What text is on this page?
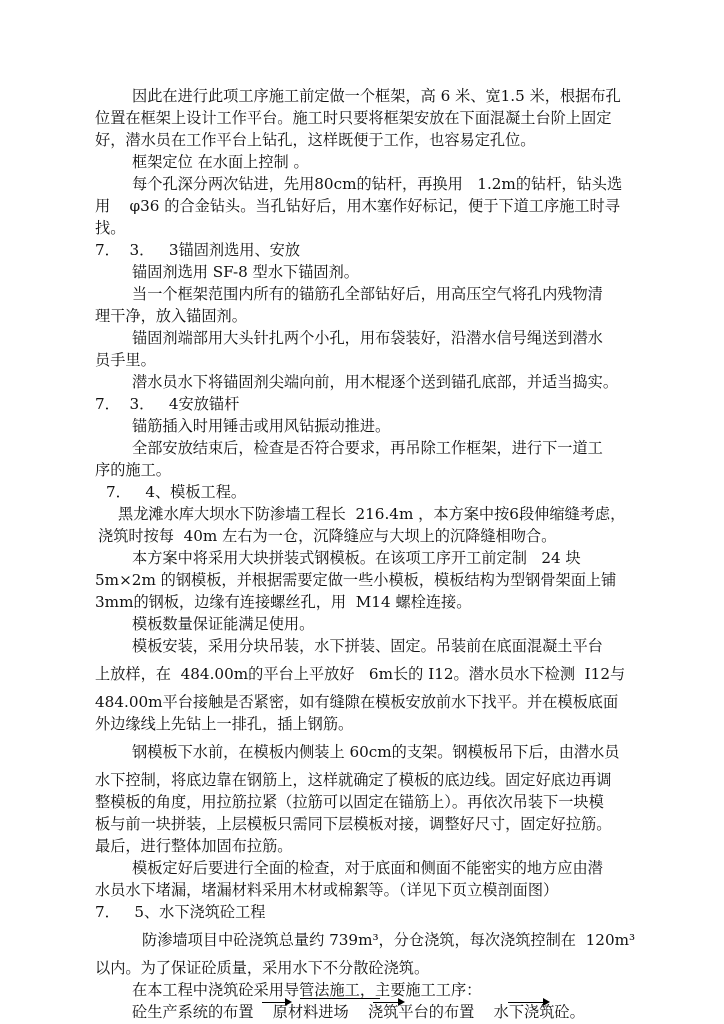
因此在进行此项工序施工前定做一个框架，高 6 米、宽1.5 米，根据布孔
位置在框架上设计工作平台。施工时只要将框架安放在下面混凝土台阶上固定
好，潜水员在工作平台上钻孔，这样既便于工作，也容易定孔位。
框架定位 在水面上控制 。
每个孔深分两次钻进，先用80cm的钻杆，再换用   1.2m的钻杆，钻头选
用    φ36 的合金钻头。当孔钻好后，用木塞作好标记，便于下道工序施工时寻
找。
7．  3．   3锚固剂选用、安放
锚固剂选用 SF-8 型水下锚固剂。
当一个框架范围内所有的锚筋孔全部钻好后，用高压空气将孔内残物清
理干净，放入锚固剂。
锚固剂端部用大头针扎两个小孔，用布袋装好，沿潜水信号绳送到潜水
员手里。
潜水员水下将锚固剂尖端向前，用木棍逐个送到锚孔底部，并适当捣实。
7．  3．   4安放锚杆
锚筋插入时用锤击或用风钻振动推进。
全部安放结束后，检查是否符合要求，再吊除工作框架，进行下一道工
序的施工。
7．   4、模板工程。
黑龙滩水库大坝水下防渗墙工程长  216.4m ，本方案中按6段伸缩缝考虑，
浇筑时按每  40m 左右为一仓，沉降缝应与大坝上的沉降缝相吻合。
本方案中将采用大块拼装式钢模板。在该项工序开工前定制   24 块
5m×2m 的钢模板，并根据需要定做一些小模板，模板结构为型钢骨架面上铺
3mm的钢板，边缘有连接螺丝孔，用  M14 螺栓连接。
模板数量保证能满足使用。
模板安装，采用分块吊装，水下拼装、固定。吊装前在底面混凝土平台
上放样，在  484.00m的平台上平放好   6m长的 I12。潜水员水下检测  I12与
484.00m平台接触是否紧密，如有缝隙在模板安放前水下找平。并在模板底面
外边缘线上先钻上一排孔，插上钢筋。
钢模板下水前，在模板内侧装上 60cm的支架。钢模板吊下后，由潜水员
水下控制，将底边靠在钢筋上，这样就确定了模板的底边线。固定好底边再调
整模板的角度，用拉筋拉紧（拉筋可以固定在锚筋上）。再依次吊装下一块模
板与前一块拼装，上层模板只需同下层模板对接，调整好尺寸，固定好拉筋。
最后，进行整体加固布拉筋。
模板定好后要进行全面的检查，对于底面和侧面不能密实的地方应由潜
水员水下堵漏，堵漏材料采用木材或棉絮等。（详见下页立模剖面图）
7．   5、水下浇筑砼工程
防渗墙项目中砼浇筑总量约 739m³，分仓浇筑，每次浇筑控制在  120m³
以内。为了保证砼质量，采用水下不分散砼浇筑。
在本工程中浇筑砼采用导管法施工，主要施工工序：
砼生产系统的布置    原材料进场    浇筑平台的布置    水下浇筑砼。
